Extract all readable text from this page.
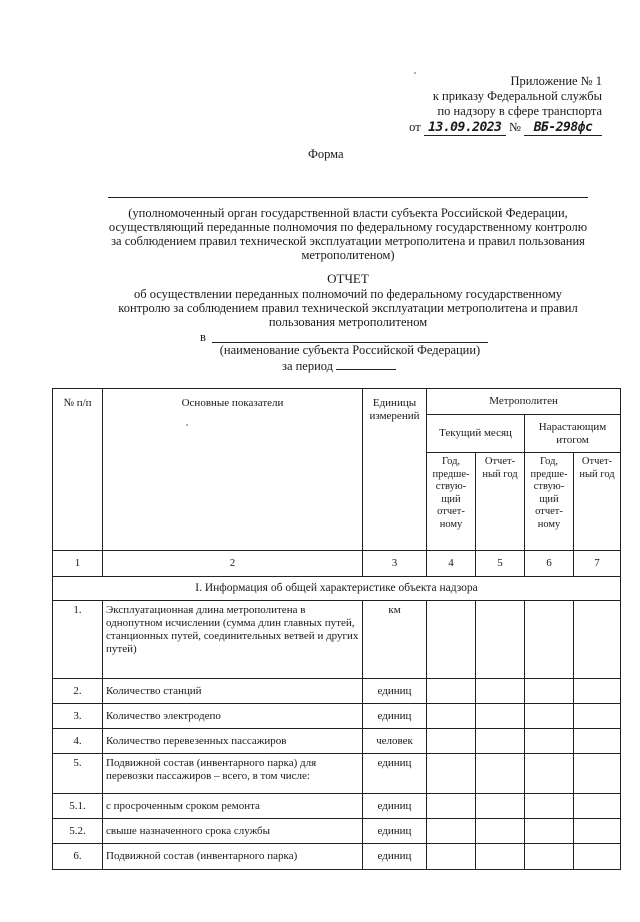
Приложение № 1
к приказу Федеральной службы
по надзору в сфере транспорта
от 13.09.2023 № ВБ-298фс
Форма
(уполномоченный орган государственной власти субъекта Российской Федерации, осуществляющий переданные полномочия по федеральному государственному контролю за соблюдением правил технической эксплуатации метрополитена и правил пользования метрополитеном)
ОТЧЕТ
об осуществлении переданных полномочий по федеральному государственному контролю за соблюдением правил технической эксплуатации метрополитена и правил пользования метрополитеном
в
(наименование субъекта Российской Федерации)
за период
№ п/п	Основные показатели	Единицы измерений	Метрополитен			
			Текущий месяц		Нарастающим итогом	
			Год, предше-ствую-щий отчет-ному	Отчет-ный год	Год, предше-ствую-щий отчет-ному	Отчет-ный год
1	2	3	4	5	6	7
I. Информация об общей характеристике объекта надзора						
1.	Эксплуатационная длина метрополитена в однопутном исчислении (сумма длин главных путей, станционных путей, соединительных ветвей и других путей)	км				
2.	Количество станций	единиц				
3.	Количество электродепо	единиц				
4.	Количество перевезенных пассажиров	человек				
5.	Подвижной состав (инвентарного парка) для перевозки пассажиров – всего, в том числе:	единиц				
5.1.	с просроченным сроком ремонта	единиц				
5.2.	свыше назначенного срока службы	единиц				
6.	Подвижной состав (инвентарного парка)	единиц				
